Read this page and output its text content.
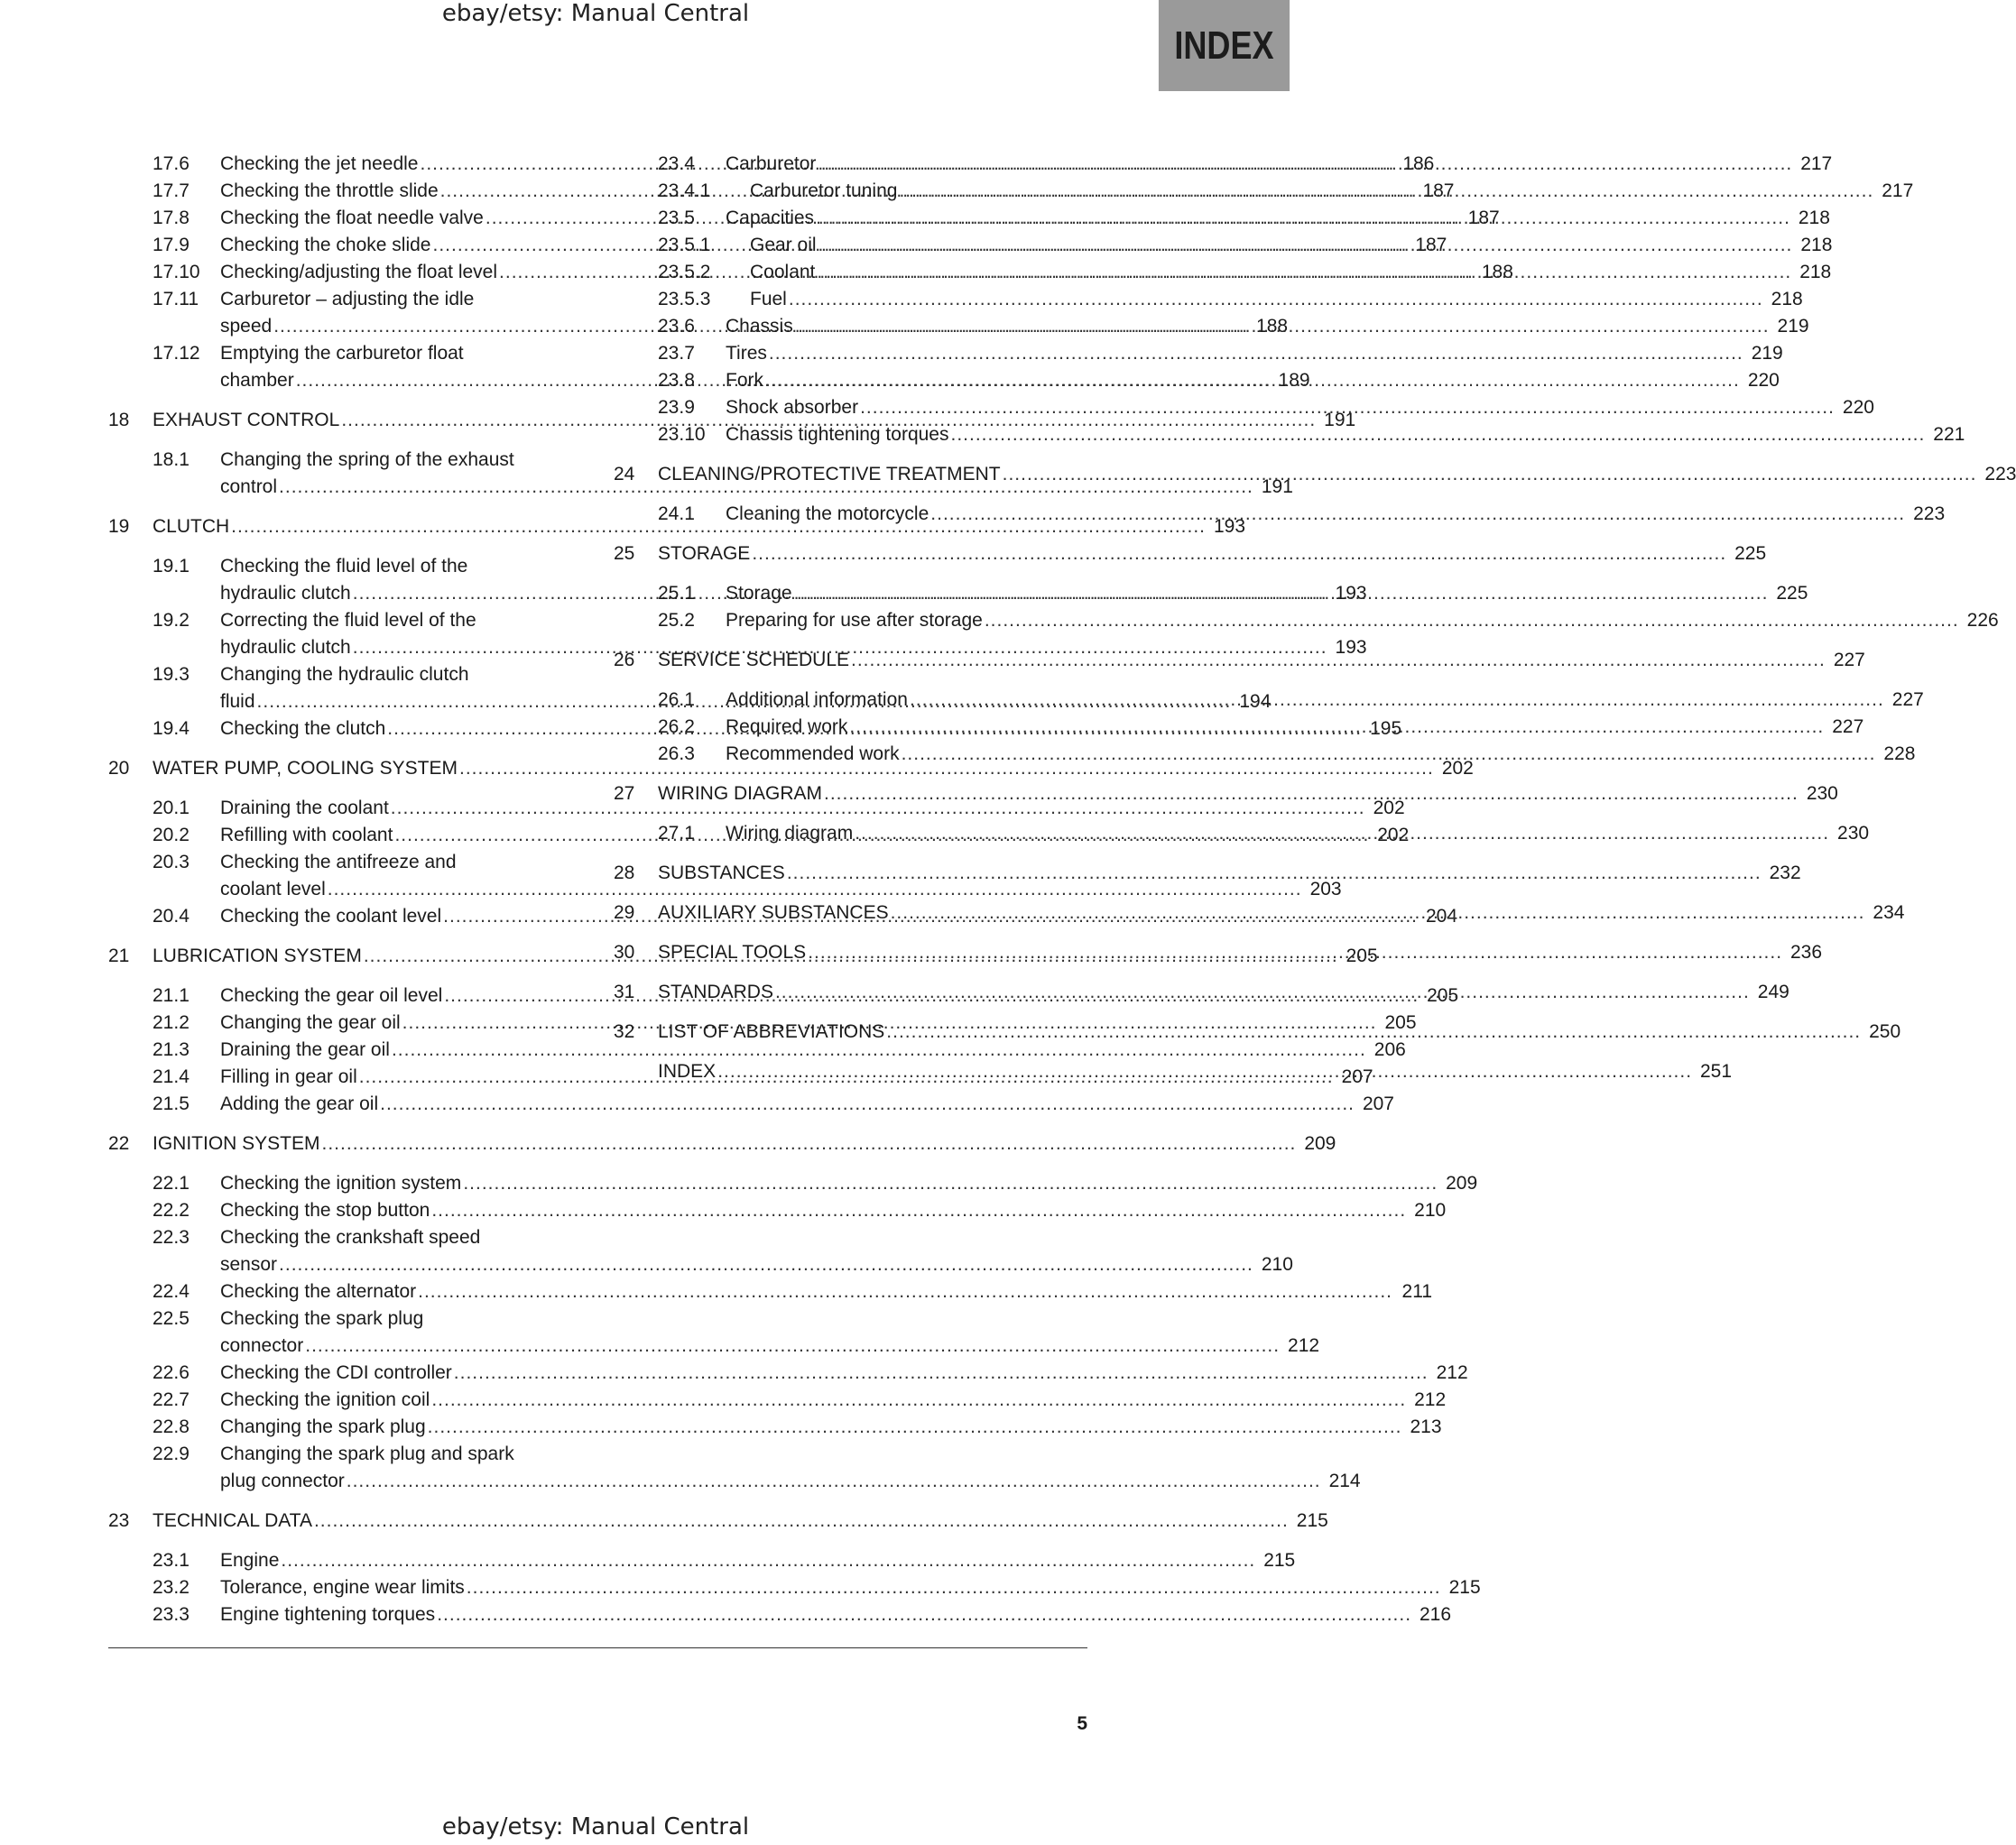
ebay/etsy: Manual Central
INDEX
17.6	Checking the jet needle .....	186
17.7	Checking the throttle slide .....	187
17.8	Checking the float needle valve .....	187
17.9	Checking the choke slide .....	187
17.10	Checking/adjusting the float level .....	188
17.11	Carburetor – adjusting the idle
speed .....	188
17.12	Emptying the carburetor float
chamber .....	189
18	EXHAUST CONTROL .....	191
18.1	Changing the spring of the exhaust
control .....	191
19	CLUTCH .....	193
19.1	Checking the fluid level of the
hydraulic clutch .....	193
19.2	Correcting the fluid level of the
hydraulic clutch .....	193
19.3	Changing the hydraulic clutch
fluid .....	194
19.4	Checking the clutch .....	195
20	WATER PUMP, COOLING SYSTEM .....	202
20.1	Draining the coolant .....	202
20.2	Refilling with coolant .....	202
20.3	Checking the antifreeze and
coolant level .....	203
20.4	Checking the coolant level .....	204
21	LUBRICATION SYSTEM .....	205
21.1	Checking the gear oil level .....	205
21.2	Changing the gear oil .....	205
21.3	Draining the gear oil .....	206
21.4	Filling in gear oil .....	207
21.5	Adding the gear oil .....	207
22	IGNITION SYSTEM .....	209
22.1	Checking the ignition system .....	209
22.2	Checking the stop button .....	210
22.3	Checking the crankshaft speed
sensor .....	210
22.4	Checking the alternator .....	211
22.5	Checking the spark plug
connector .....	212
22.6	Checking the CDI controller .....	212
22.7	Checking the ignition coil .....	212
22.8	Changing the spark plug .....	213
22.9	Changing the spark plug and spark
plug connector .....	214
23	TECHNICAL DATA .....	215
23.1	Engine .....	215
23.2	Tolerance, engine wear limits .....	215
23.3	Engine tightening torques .....	216
23.4	Carburetor .....	217
23.4.1	Carburetor tuning .....	217
23.5	Capacities .....	218
23.5.1	Gear oil .....	218
23.5.2	Coolant .....	218
23.5.3	Fuel .....	218
23.6	Chassis .....	219
23.7	Tires .....	219
23.8	Fork .....	220
23.9	Shock absorber .....	220
23.10	Chassis tightening torques .....	221
24	CLEANING/PROTECTIVE TREATMENT .....	223
24.1	Cleaning the motorcycle .....	223
25	STORAGE .....	225
25.1	Storage .....	225
25.2	Preparing for use after storage .....	226
26	SERVICE SCHEDULE .....	227
26.1	Additional information .....	227
26.2	Required work .....	227
26.3	Recommended work .....	228
27	WIRING DIAGRAM .....	230
27.1	Wiring diagram .....	230
28	SUBSTANCES .....	232
29	AUXILIARY SUBSTANCES .....	234
30	SPECIAL TOOLS .....	236
31	STANDARDS .....	249
32	LIST OF ABBREVIATIONS .....	250
INDEX .....	251
5
ebay/etsy: Manual Central
